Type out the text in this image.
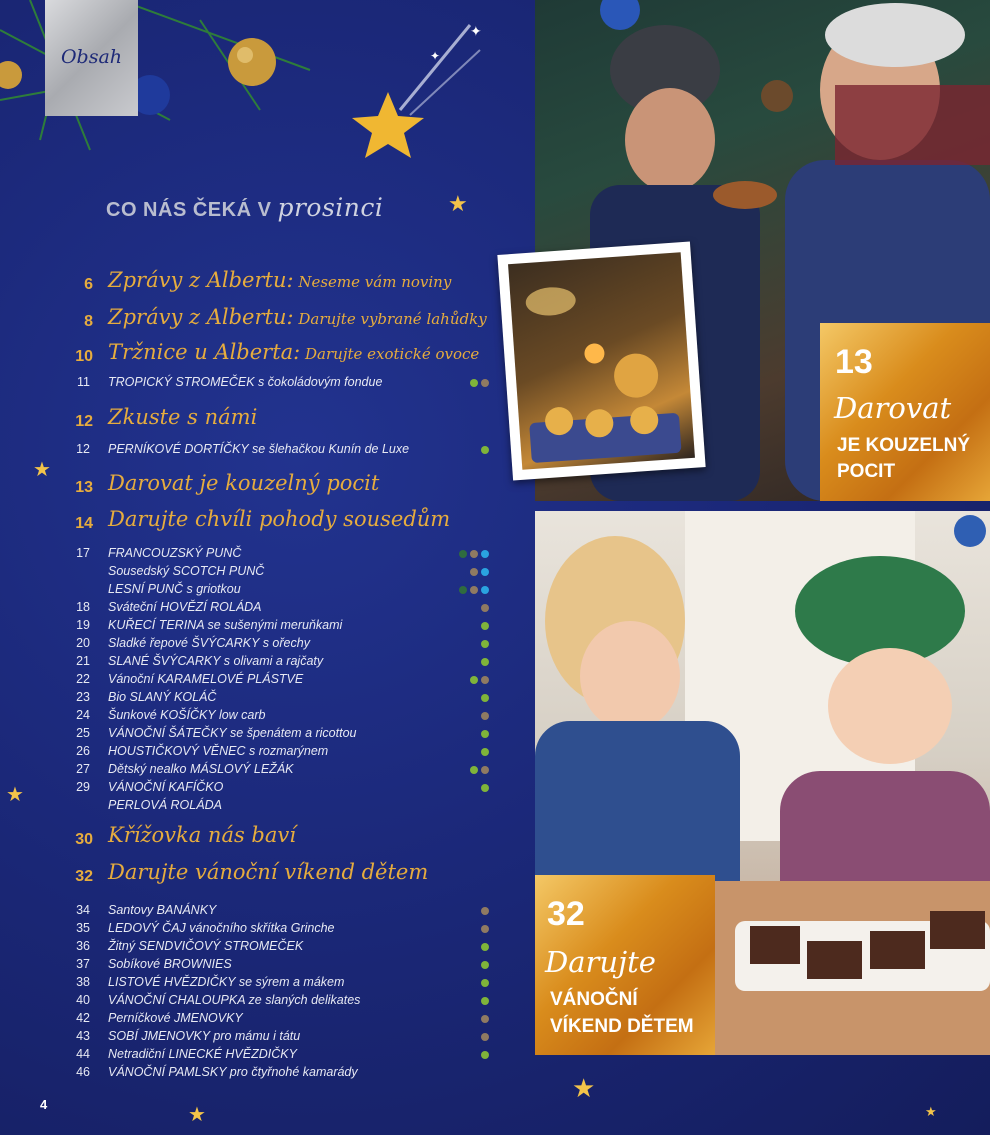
✦
✦
Obsah
CO NÁS ČEKÁ V prosinci
6 Zprávy z Albertu: Neseme vám noviny
8 Zprávy z Albertu: Darujte vybrané lahůdky
10 Tržnice u Alberta: Darujte exotické ovoce
12 Zkuste s námi
13 Darovat je kouzelný pocit
14 Darujte chvíli pohody sousedům
30 Křížovka nás baví
32 Darujte vánoční víkend dětem
11 TROPICKÝ STROMEČEK s čokoládovým fondue
12 PERNÍKOVÉ DORTÍČKY se šlehačkou Kunín de Luxe
17 FRANCOUZSKÝ PUNČ
Sousedský SCOTCH PUNČ
LESNÍ PUNČ s griotkou
18 Sváteční HOVĚZÍ ROLÁDA
19 KUŘECÍ TERINA se sušenými meruňkami
20 Sladké řepové ŠVÝCARKY s ořechy
21 SLANÉ ŠVÝCARKY s olivami a rajčaty
22 Vánoční KARAMELOVÉ PLÁSTVE
23 Bio SLANÝ KOLÁČ
24 Šunkové KOŠÍČKY low carb
25 VÁNOČNÍ ŠÁTEČKY se špenátem a ricottou
26 HOUSTIČKOVÝ VĚNEC s rozmarýnem
27 Dětský nealko MÁSLOVÝ LEŽÁK
29 VÁNOČNÍ KAFÍČKO
PERLOVÁ ROLÁDA
34 Santovy BANÁNKY
35 LEDOVÝ ČAJ vánočního skřítka Grinche
36 Žitný SENDVIČOVÝ STROMEČEK
37 Sobíkové BROWNIES
38 LISTOVÉ HVĚZDIČKY se sýrem a mákem
40 VÁNOČNÍ CHALOUPKA ze slaných delikates
42 Perníčkové JMENOVKY
43 SOBÍ JMENOVKY pro mámu i tátu
44 Netradiční LINECKÉ HVĚZDIČKY
46 VÁNOČNÍ PAMLSKY pro čtyřnohé kamarády
★
★
★
★
★
★
4
13
Darovat
JE KOUZELNÝ
POCIT
32
Darujte
VÁNOČNÍ
VÍKEND DĚTEM
